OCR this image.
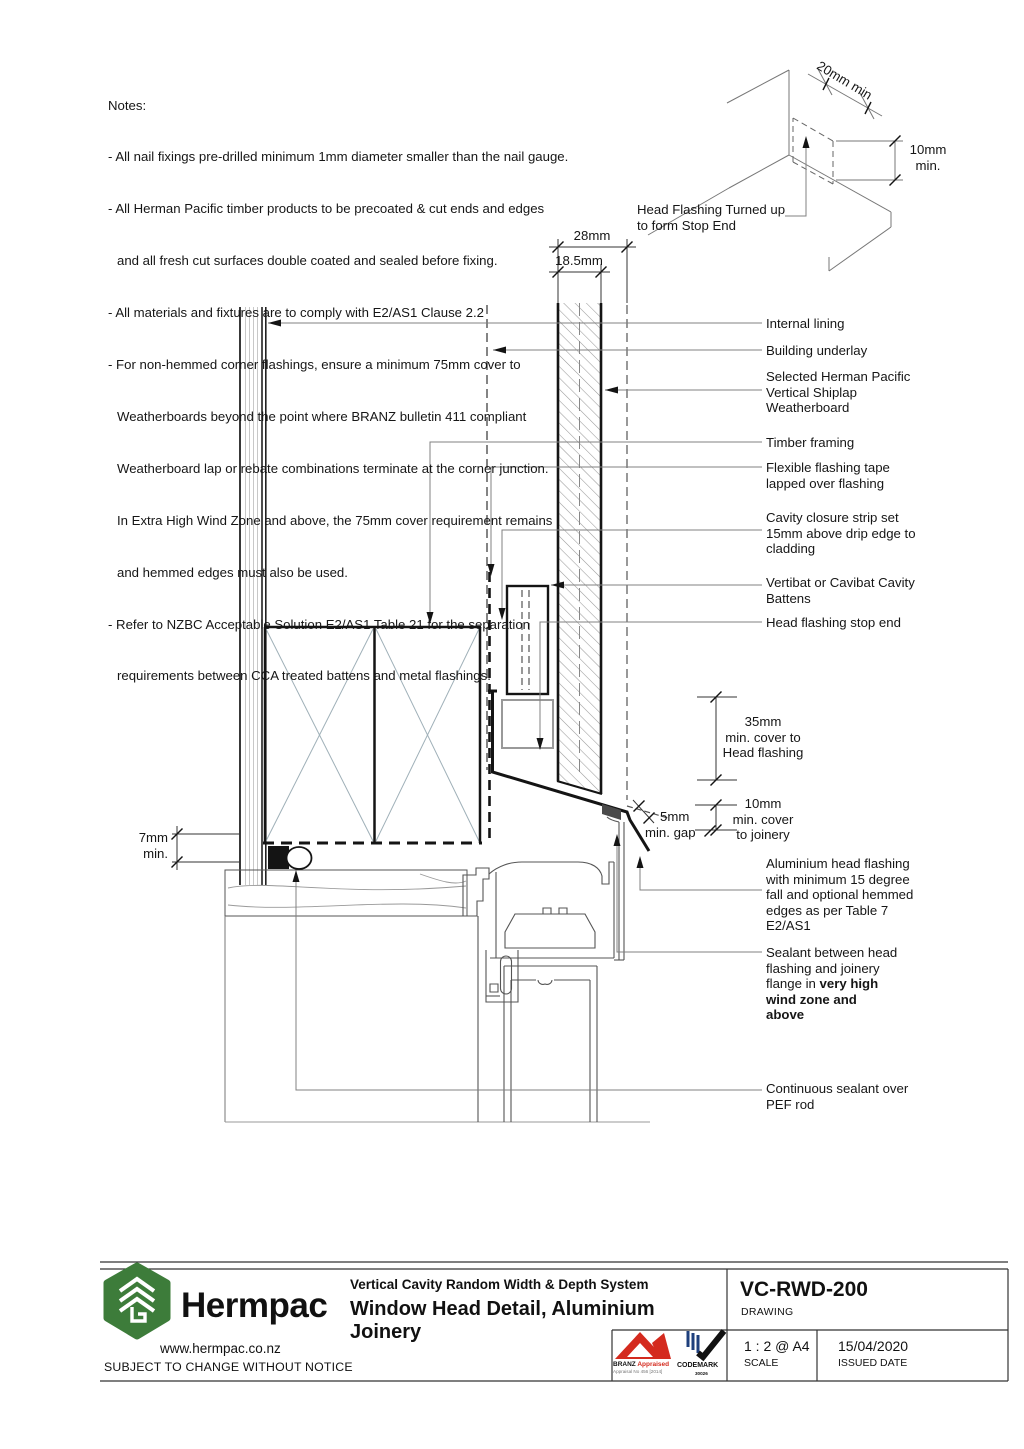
Notes:

- All nail fixings pre-drilled minimum 1mm diameter smaller than the nail gauge.

- All Herman Pacific timber products to be precoated & cut ends and edges

and all fresh cut surfaces double coated and sealed before fixing.

- All materials and fixtures are to comply with E2/AS1 Clause 2.2

- For non-hemmed corner flashings, ensure a minimum 75mm cover to

Weatherboards beyond the point where BRANZ bulletin 411 compliant

Weatherboard lap or rebate combinations terminate at the corner junction.

In Extra High Wind Zone and above, the 75mm cover requirement remains

and hemmed edges must also be used.

- Refer to NZBC Acceptable Solution E2/AS1 Table 21 for the separation

requirements between CCA treated battens and metal flashings.

20mm min
10mm
min.
Head Flashing Turned up
to form Stop End
28mm
18.5mm
7mm
min.
35mm
min. cover to
Head flashing
10mm
min. cover
to joinery
5mm
min. gap
Internal lining
Building underlay
Selected Herman Pacific
Vertical Shiplap
Weatherboard
Timber framing
Flexible flashing tape
lapped over flashing
Cavity closure strip set
15mm above drip edge to
cladding
Vertibat or Cavibat Cavity
Battens
Head flashing stop end
Aluminium head flashing
with minimum 15 degree
fall and optional hemmed
edges as per Table 7
E2/AS1
Sealant between head
flashing and joinery
flange in very high
wind zone and
above
Continuous sealant over
PEF rod
Hermpac
www.hermpac.co.nz
SUBJECT TO CHANGE WITHOUT NOTICE
Vertical Cavity Random Width & Depth System
Window Head Detail, Aluminium
Joinery
VC-RWD-200
DRAWING
1 : 2 @ A4
SCALE
15/04/2020
ISSUED DATE
BRANZ Appraised
Appraisal No 456 [2014]
CODEMARK
30026
